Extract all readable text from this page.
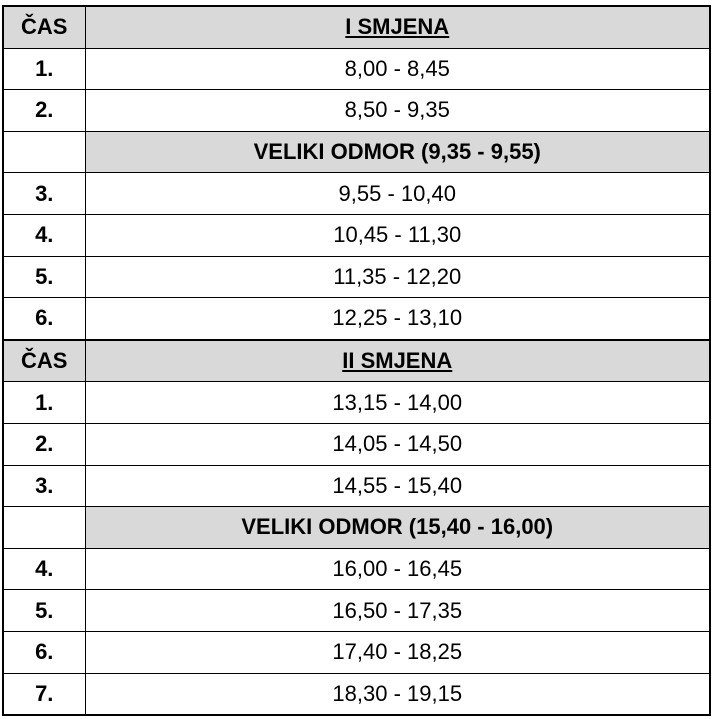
ČAS	I SMJENA
1.	8,00 - 8,45
2.	8,50 - 9,35
	VELIKI ODMOR (9,35 - 9,55)
3.	9,55 - 10,40
4.	10,45 - 11,30
5.	11,35 - 12,20
6.	12,25 - 13,10
ČAS	II SMJENA
1.	13,15 - 14,00
2.	14,05 - 14,50
3.	14,55 - 15,40
	VELIKI ODMOR (15,40 - 16,00)
4.	16,00 - 16,45
5.	16,50 - 17,35
6.	17,40 - 18,25
7.	18,30 - 19,15
